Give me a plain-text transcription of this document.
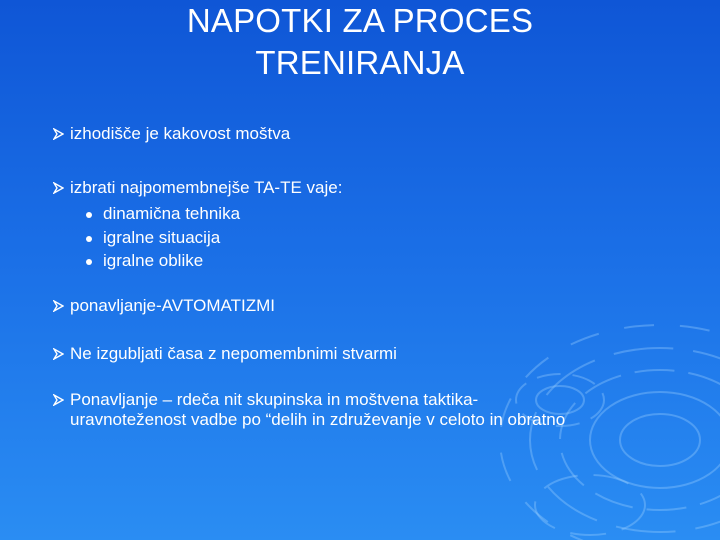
NAPOTKI ZA PROCES
TRENIRANJA
izhodišče je kakovost moštva
izbrati najpomembnejše TA-TE vaje:
dinamična tehnika
igralne situacija
igralne oblike
ponavljanje-AVTOMATIZMI
Ne izgubljati časa z nepomembnimi stvarmi
Ponavljanje – rdeča nit skupinska in moštvena taktika-
uravnoteženost vadbe po “delih in združevanje v celoto in obratno
